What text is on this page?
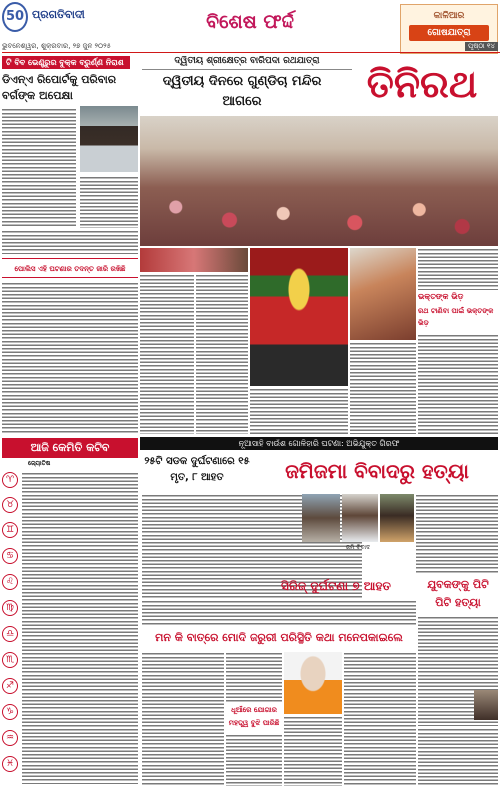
50 ପ୍ରଗତିବାଦୀ	ବିଶେଷ ଫର୍ଦ୍ଦ	କାଳିଆର
ଗୋଷଯାତ୍ରା
ଭୁବନେଶ୍ୱର, ଶୁକ୍ରବାର, ୨୭ ଜୁନ ୨୦୨୫	ପୃଷ୍ଠା ୧୪
ଟି ବିବ ଭେଣ୍ଡ୍ରୁର ବୁକ୍କ ବ୍ରୁର୍ଣ୍ଣ ନିରାଶ
ଡିଏନ୍ଏ ରିପୋର୍ଟକୁ ପରିବାର ବର୍ଗଙ୍କ ଅପେକ୍ଷା
ପୋଲିସ ଏହି ଘଟଣାର ତଦନ୍ତ ଜାରି ରଖିଛି
ଦ୍ୱିତୀୟ ଶ୍ରୀକ୍ଷେତ୍ର ବାରିପଦା ରଥଯାତ୍ରା
ଦ୍ୱିତୀୟ ଦିନରେ ଗୁଣ୍ଡିଚା ମନ୍ଦିର ଆଗରେ	ତିନିରଥ
ଭକ୍ତଙ୍କ ଭିଡ଼
ରଥ ଟାଣିବା ପାଇଁ ଭକ୍ତଙ୍କ ଭିଡ଼
ଆଜି କେମିତି କଟିବ
ଜ୍ୟୋତିଷ
♈
♉
♊
♋
♌
♍
♎
♏
♐
♑
♒
♓
ନୂଆସାହି ବାଉଁଶ ଗୋଳିହାରି ଘଟଣା: ଅଭିଯୁକ୍ତ ଗିରଫ
୨୫ଟି ସଡକ ଦୁର୍ଘଟଣାରେ ୧୫ ମୃତ, ୮ ଆହତ	ଜମିଜମା ବିବାଦରୁ ହତ୍ୟା
ଜମି ବିବାଦ
ସିରିଜ୍ ଦୁର୍ଘଟଣା ୭ ଆହତ	ଯୁବକଙ୍କୁ ପିଟି ପିଟି ହତ୍ୟା
ମନ କି ବାତ୍‌ରେ ମୋଦି ଜରୁରୀ ପରିସ୍ଥିତି କଥା ମନେପକାଇଲେ
ଧୂଆଁରେ ଯୋଗାର ମହତ୍ତ୍ୱ ବୁଝି ପାରିଛି
